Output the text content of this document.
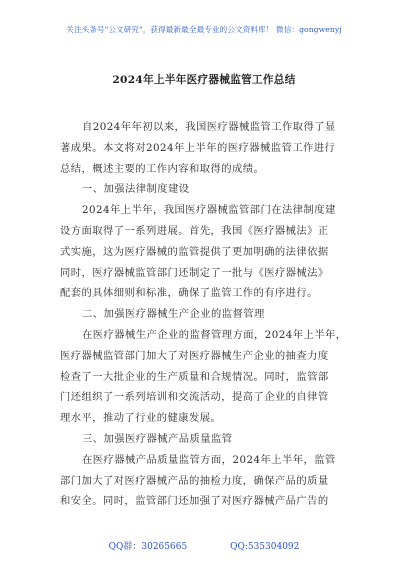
关注头条号"公文研究"，获得最新最全最专业的公文资料库！ 微信：gongwenyj
2024年上半年医疗器械监管工作总结
自2024年年初以来，我国医疗器械监管工作取得了显
著成果。本文将对2024年上半年的医疗器械监管工作进行
总结，概述主要的工作内容和取得的成绩。
一、加强法律制度建设
2024年上半年，我国医疗器械监管部门在法律制度建
设方面取得了一系列进展。首先，我国《医疗器械法》正
式实施，这为医疗器械的监管提供了更加明确的法律依据
同时，医疗器械监管部门还制定了一批与《医疗器械法》
配套的具体细则和标准，确保了监管工作的有序进行。
二、加强医疗器械生产企业的监督管理
在医疗器械生产企业的监督管理方面，2024年上半年，
医疗器械监管部门加大了对医疗器械生产企业的抽查力度
检查了一大批企业的生产质量和合规情况。同时，监管部
门还组织了一系列培训和交流活动，提高了企业的自律管
理水平，推动了行业的健康发展。
三、加强医疗器械产品质量监管
在医疗器械产品质量监管方面，2024年上半年，监管
部门加大了对医疗器械产品的抽检力度，确保产品的质量
和安全。同时，监管部门还加强了对医疗器械产品广告的
QQ群：30265665	QQ:535304092
